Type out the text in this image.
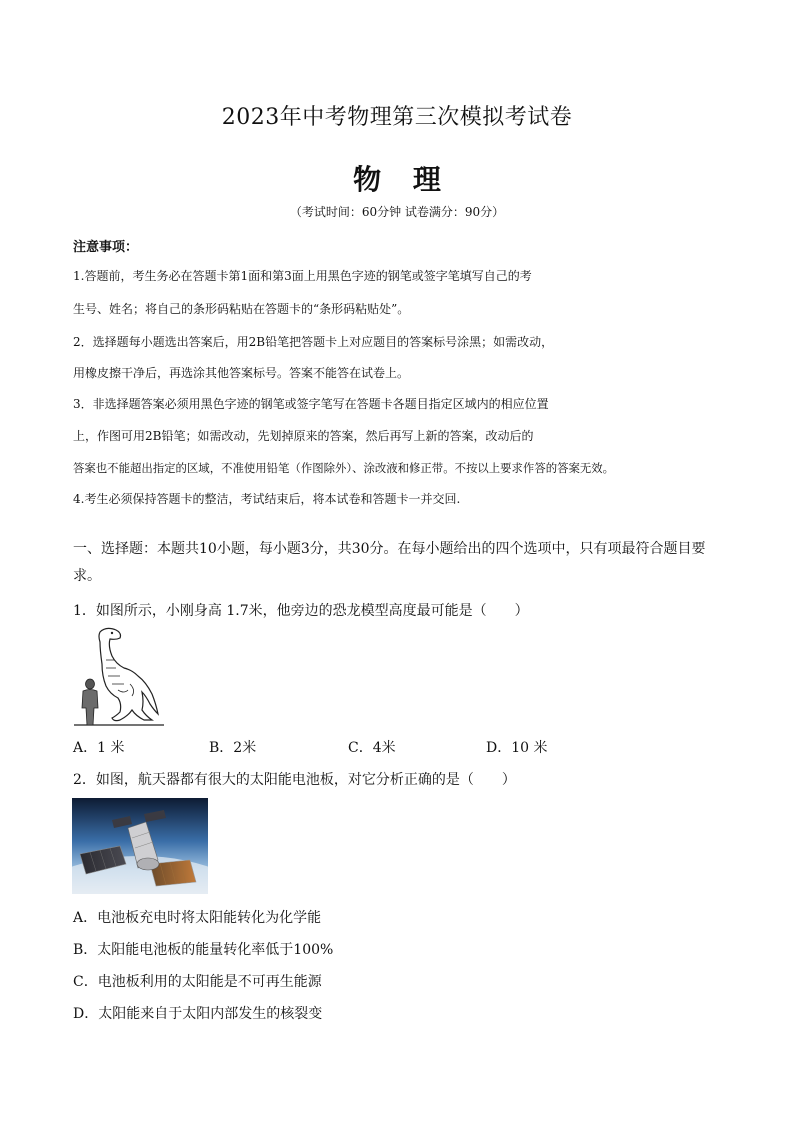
2023年中考物理第三次模拟考试卷
物 理
（考试时间：60分钟 试卷满分：90分）
注意事项：
1.答题前，考生务必在答题卡第1面和第3面上用黑色字迹的钢笔或签字笔填写自己的考
生号、姓名；将自己的条形码粘贴在答题卡的“条形码粘贴处”。
2．选择题每小题选出答案后，用2B铅笔把答题卡上对应题目的答案标号涂黑；如需改动，
用橡皮擦干净后，再选涂其他答案标号。答案不能答在试卷上。
3．非选择题答案必须用黑色字迹的钢笔或签字笔写在答题卡各题目指定区域内的相应位置
上，作图可用2B铅笔；如需改动，先划掉原来的答案，然后再写上新的答案，改动后的
答案也不能超出指定的区域，不准使用铅笔（作图除外）、涂改液和修正带。不按以上要求作答的答案无效。
4.考生必须保持答题卡的整洁，考试结束后，将本试卷和答题卡一并交回.
一、选择题：本题共10小题，每小题3分，共30分。在每小题给出的四个选项中，只有项最符合题目要
求。
1．如图所示，小刚身高 1.7米，他旁边的恐龙模型高度最可能是（　　）
A．1 米	B．2米	C．4米	D．10 米
2．如图，航天器都有很大的太阳能电池板，对它分析正确的是（　　）
A．电池板充电时将太阳能转化为化学能
B．太阳能电池板的能量转化率低于100%
C．电池板利用的太阳能是不可再生能源
D．太阳能来自于太阳内部发生的核裂变
